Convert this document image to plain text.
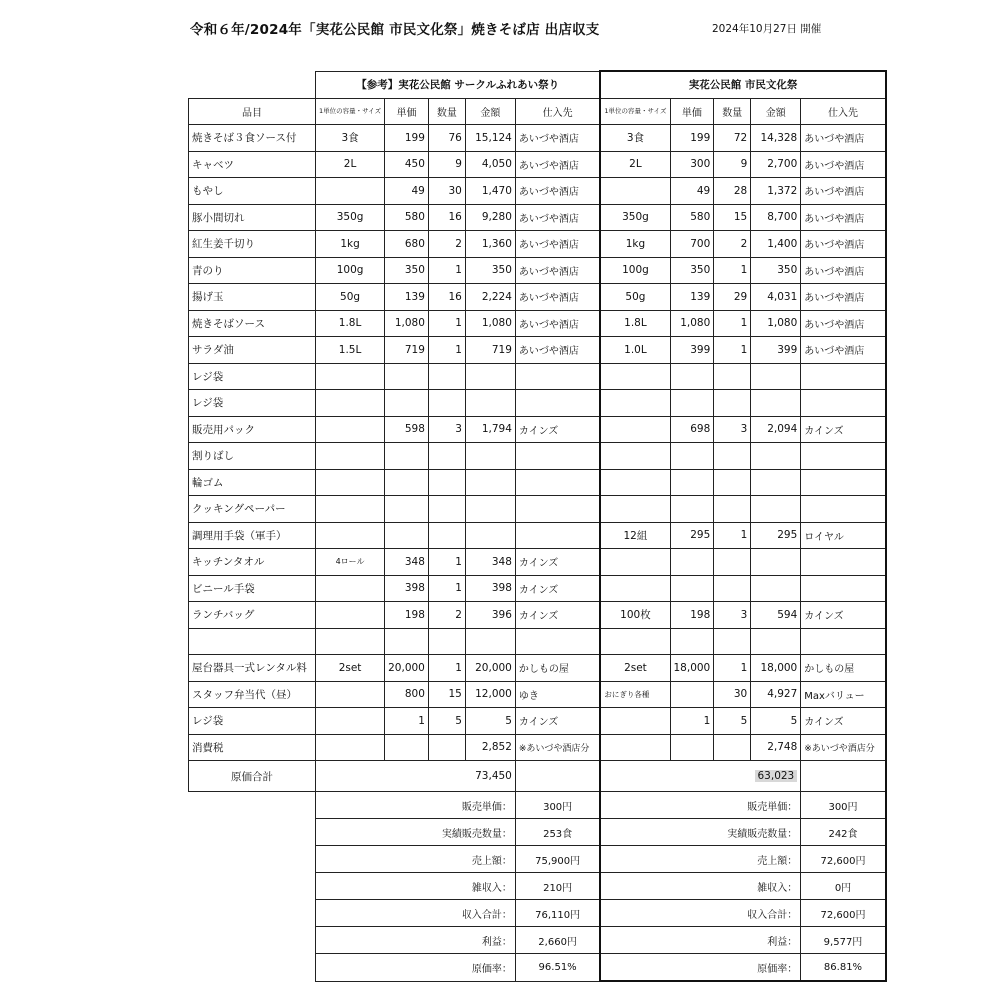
令和６年/2024年「実花公民館 市民文化祭」焼きそば店 出店収支	2024年10月27日 開催
	【参考】実花公民館 サークルふれあい祭り					実花公民館 市民文化祭				
品目	1単位の容量・サイズ	単価	数量	金額	仕入先	1単位の容量・サイズ	単価	数量	金額	仕入先
焼きそば３食ソース付	3食	199	76	15,124	あいづや酒店	3食	199	72	14,328	あいづや酒店
キャベツ	2L	450	9	4,050	あいづや酒店	2L	300	9	2,700	あいづや酒店
もやし		49	30	1,470	あいづや酒店		49	28	1,372	あいづや酒店
豚小間切れ	350g	580	16	9,280	あいづや酒店	350g	580	15	8,700	あいづや酒店
紅生姜千切り	1kg	680	2	1,360	あいづや酒店	1kg	700	2	1,400	あいづや酒店
青のり	100g	350	1	350	あいづや酒店	100g	350	1	350	あいづや酒店
揚げ玉	50g	139	16	2,224	あいづや酒店	50g	139	29	4,031	あいづや酒店
焼きそばソース	1.8L	1,080	1	1,080	あいづや酒店	1.8L	1,080	1	1,080	あいづや酒店
サラダ油	1.5L	719	1	719	あいづや酒店	1.0L	399	1	399	あいづや酒店
レジ袋										
レジ袋										
販売用パック		598	3	1,794	カインズ		698	3	2,094	カインズ
割りばし										
輪ゴム										
クッキングペーパー										
調理用手袋（軍手）						12組	295	1	295	ロイヤル
キッチンタオル	4ロール	348	1	348	カインズ					
ビニール手袋		398	1	398	カインズ					
ランチバッグ		198	2	396	カインズ	100枚	198	3	594	カインズ

屋台器具一式レンタル料	2set	20,000	1	20,000	かしもの屋	2set	18,000	1	18,000	かしもの屋
スタッフ弁当代（昼）		800	15	12,000	ゆき	おにぎり各種		30	4,927	Maxバリュー
レジ袋		1	5	5	カインズ		1	5	5	カインズ
消費税				2,852	※あいづや酒店分				2,748	※あいづや酒店分
原価合計	73,450					63,023				
	販売単価：				300円	販売単価：				300円
	実績販売数量：				253食	実績販売数量：				242食
	売上額：				75,900円	売上額：				72,600円
	雑収入：				210円	雑収入：				0円
	収入合計：				76,110円	収入合計：				72,600円
	利益：				2,660円	利益：				9,577円
	原価率：				96.51%	原価率：				86.81%
